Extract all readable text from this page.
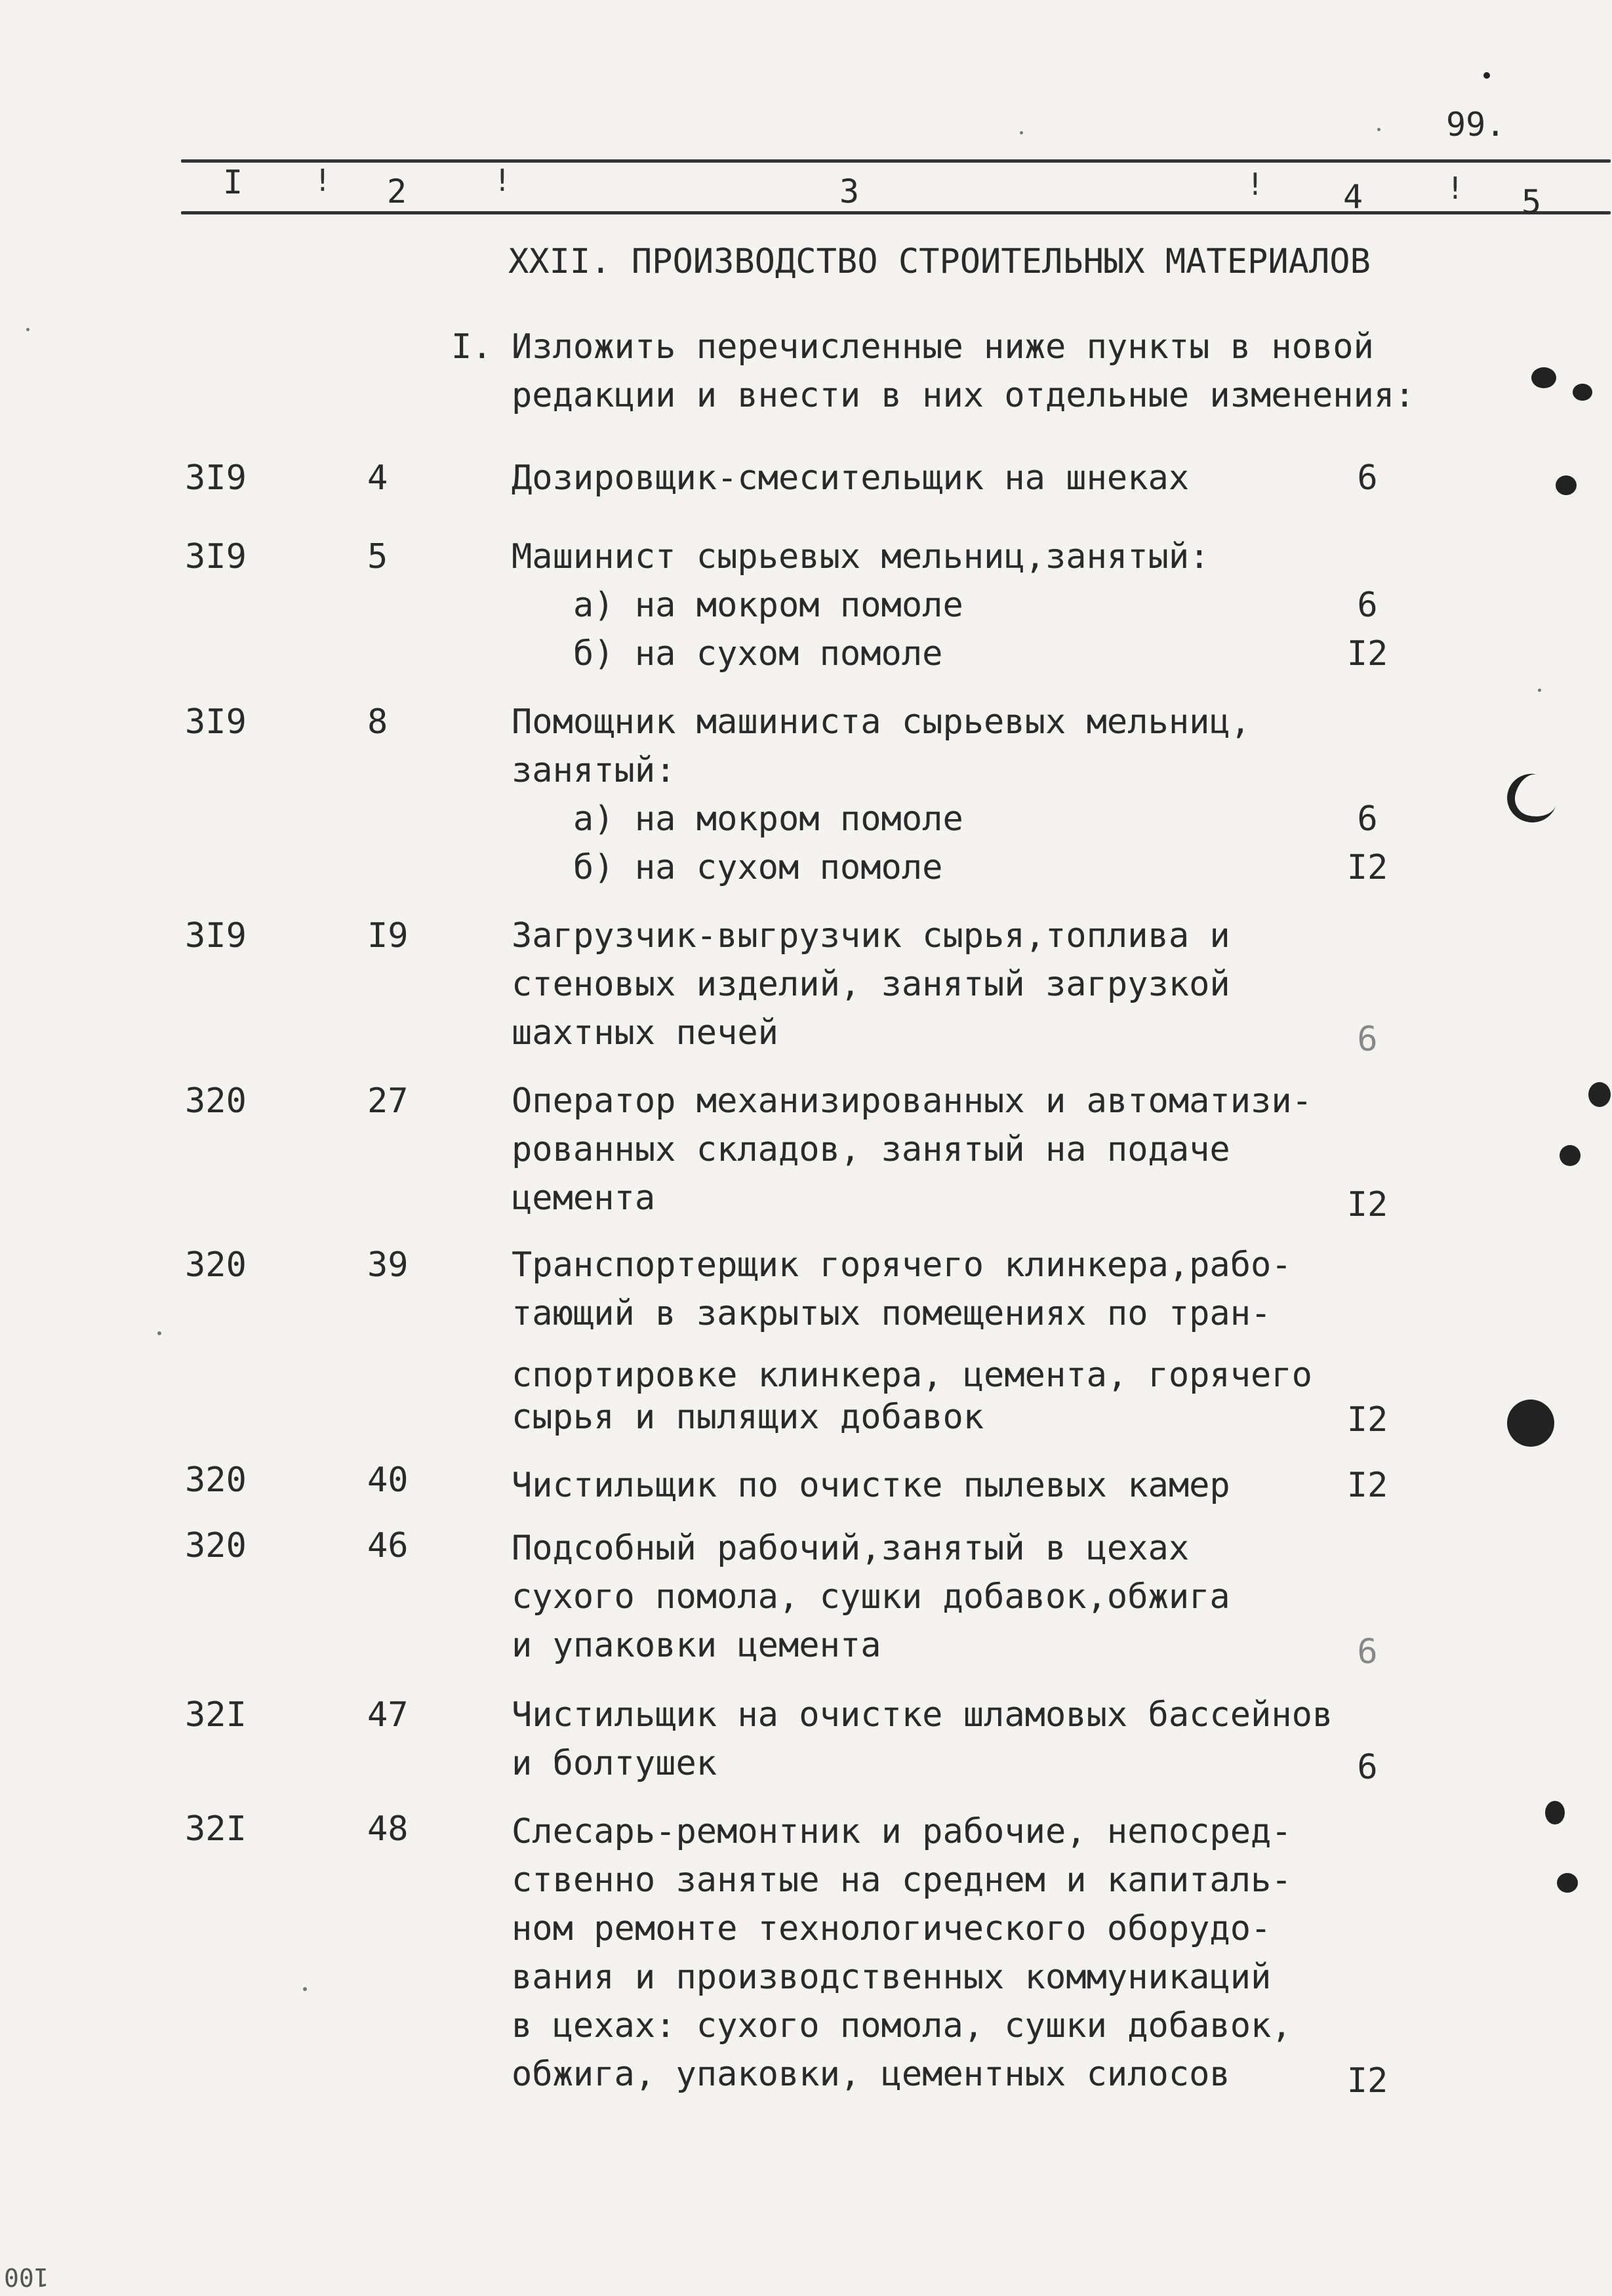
99.
I	2	3	4	5
!	!	!	!
XXII. ПРОИЗВОДСТВО СТРОИТЕЛЬНЫХ МАТЕРИАЛОВ
I. Изложить перечисленные ниже пункты в новой
редакции и внести в них отдельные изменения:
3I9	4	Дозировщик-смесительщик на шнеках	6
3I9	5	Машинист сырьевых мельниц,занятый:
а) на мокром помоле	6
б) на сухом помоле	I2
3I9	8	Помощник машиниста сырьевых мельниц,
занятый:
а) на мокром помоле	6
б) на сухом помоле	I2
3I9	I9	Загрузчик-выгрузчик сырья,топлива и
стеновых изделий, занятый загрузкой
шахтных печей	6
320	27	Оператор механизированных и автоматизи-
рованных складов, занятый на подаче
цемента	I2
320	39	Транспортерщик горячего клинкера,рабо-
тающий в закрытых помещениях по тран-
спортировке клинкера, цемента, горячего
сырья и пылящих добавок	I2
320	40	Чистильщик по очистке пылевых камер	I2
320	46	Подсобный рабочий,занятый в цехах
сухого помола, сушки добавок,обжига
и упаковки цемента	6
32I	47	Чистильщик на очистке шламовых бассейнов
и болтушек	6
32I	48	Слесарь-ремонтник и рабочие, непосред-
ственно занятые на среднем и капиталь-
ном ремонте технологического оборудо-
вания и производственных коммуникаций
в цехах: сухого помола, сушки добавок,
обжига, упаковки, цементных силосов	I2
100
